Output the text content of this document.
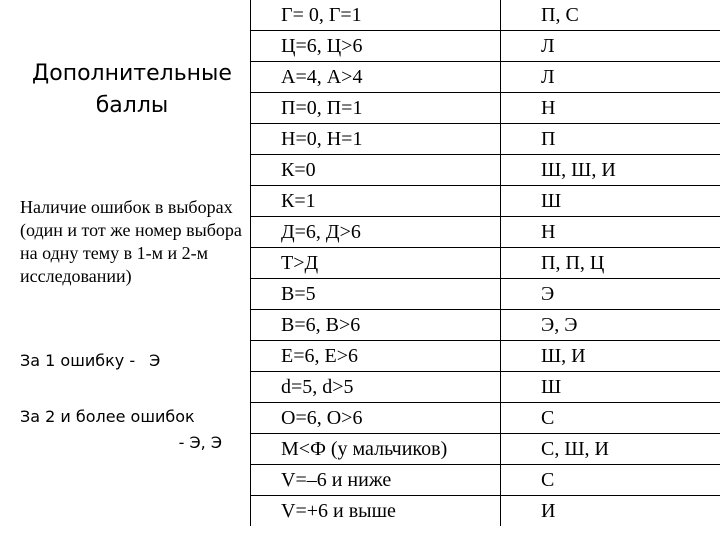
Дополнительные
баллы
Наличие ошибок в выборах (один и тот же номер выбора на одну тему в 1-м и 2-м исследовании)
За 1 ошибку - Э
За 2 и более ошибок
- Э, Э
Г= 0, Г=1	П, С
Ц=6, Ц>6	Л
А=4, А>4	Л
П=0, П=1	Н
Н=0, Н=1	П
К=0	Ш, Ш, И
К=1	Ш
Д=6, Д>6	Н
Т>Д	П, П, Ц
В=5	Э
В=6, В>6	Э, Э
Е=6, Е>6	Ш, И
d=5, d>5	Ш
О=6, О>6	С
М<Ф (у мальчиков)	С, Ш, И
V=–6 и ниже	С
V=+6 и выше	И
